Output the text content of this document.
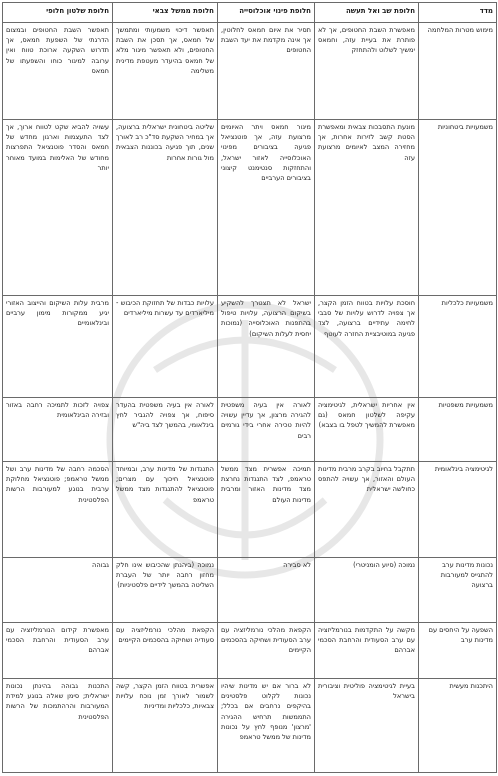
מדד	חלופת שב ואל תעשה	חלופת פינוי אוכלוסייה	חלופת ממשל צבאי	חלופת שלטון חלופי
מימוש מטרות המלחמה	מאפשרת השבת החטופים, אך לא פותרת את בעיית עזה, וחמאס ימשיך לשלוט ולהתחזק	תסיר את איום חמאס לחלוטין, אך אינה מקדמת את יעד השבת החטופים	תאפשר דיכוי משמעותי ומתמשך של חמאס, אך תסכן את השבת החטופים, ולא תאפשר מיגור מלא של חמאס בהיעדר מעטפת מדינית משלימה	תאפשר השבת החטופים ובמצום הדרגתי של השפעת חמאס, אך תדרוש השקעה ארוכת טווח ואין ערובה למיגור כוחו והשפעתו של חמאס
משמעויות ביטחוניות	מונעת התסבכות צבאית ומאפשרת הסטת קשב לזירות אחרות, אך מחזירה המצב לאיומים מרצועת עזה	מיגור חמאס ויתר האיומים מרצועת עזה, אך פוטנציאל פגיעה בציבורים מפינוי האוכלוסייה לאזור ישראל, והתחזקות סנטימנט קיצוני בציבורים הערביים	שליטה ביטחונית ישראלית ברצועה, אך במחיר השקעת סד"כ רב לאורך שנים, תוך פגיעה בכוננות הצבאית מול גורות אחרות	עשויה להביא שקט לטווח ארוך, אך לצד התעצמות וארגון מחדש של חמאס והסדר פוטנציאל התפרצות מחודש של האלימות במועד מאוחר יותר
משמעויות כלכליות	חוסכת עלויות בטווח הזמן הקצר, אך צפויה לדרוש עלויות של סבבי לחימה עתידיים ברצועה, לצד פגיעה במוטיבציית החזרה לעוטף	ישראל לא תצטרך להשקיע בשיקום הרצועה, עלויות טיפול בהתפנות האוכלוסייה (נמוכות יחסית לעלות השיקום)	עלויות כבדות של תחזוקת הכיבוש - מיליארדים עד עשרות מיליארדים	מרבית עלות השיקום והייצוב האזורי יגיע ממקורות מימון ערביים ובינלאומיים
משמעויות משפטיות	אין אחריות ישראלית, לגיטימציה עקיפה לשלטון חמאס (גם מאפשרת להמשיך לטפל בו בצבא)	לאורה אין בעיה משפטית להגירה מרצון, אך עדיין עשויה להיות טכירה אחרי בידי גורמים רבים	לאורה אין בעיה משפטית בהעדר סיפוח, אך צפויה להגביר לחץ בינלאומי, בהמשך לצד ביה"ש	צפויה לזכות לתמיכה רחבה באזור ובזירה הבינלאומית
לגיטימציה בינלאומית	תתקבל בחיוב בקרב מרבית מדינות העולם והאזור, אך עשויה להתפס כחולשה ישראלית	תמיכה אפשרית מצד ממשל טראמפ, לצד התנגדות נחרצת מצד מדינות האזור ומרבית מדינות העולם	התנגדות של מדינות ערב, ובמיוחד פוטנציאל חיכוך עם מצרים; פוטנציאל להתנגדות מצד ממשל טראמפ	הסכמה רחבה של מדינות ערב ושל ממשל טראמפ; פוטנציאל מחלוקת ערבית בנוגע למעורבות הרשות הפלסטינית
נכונות מדינות ערב להתגייס למעורבות ברצועה	נמוכה (סיוע הומניטרי)	לא סבירה	נמוכה (ביהנתן שהכיבוש אינו חלק מחזון רחבה יותר של העברת השליטה בהמשך לידיים פלסטיניות)	גבוהה
השפעה על היחסים עם מדינות ערב	מקשה על התקדמות בנורמליזציה עם ערב הסעודית והרחבת הסכמי אברהם	הקפאת מהלכי נורמליזציה עם ערב הסעודית ושחיקה בהסכמים הקיימים	הקפאת מהלכי נורמליזציה עם סעודיה ושחיקה בהסכמים הקיימים	מאפשרת קידום הנורמליזציה עם ערב הסעודית והרחבת הסכמי אברהם
היתכנות מעשית	בעיית לגיטימציה פוליטית וציבורית בישראל	לא ברור אם יש מדינות שיהיו נכונות לקלוט פלסטינים בהיקפים נרחבים אם בכלל; התממשות תרחיש ההגירה 'מרצון' מנופף לחץ על נכונות מדינות של ממשל טראמפ	אפשרית בטווח הזמן הקצר, קשה לשמור לאורך זמן נוכח עלויות צבאיות, כלכליות ומדיניות	התכנות גבוהה בהינתן נכונות ישראלית; סימן שאלה בנוגע למידת המעורבות והרהתמכות של הרשות הפלסטינית
